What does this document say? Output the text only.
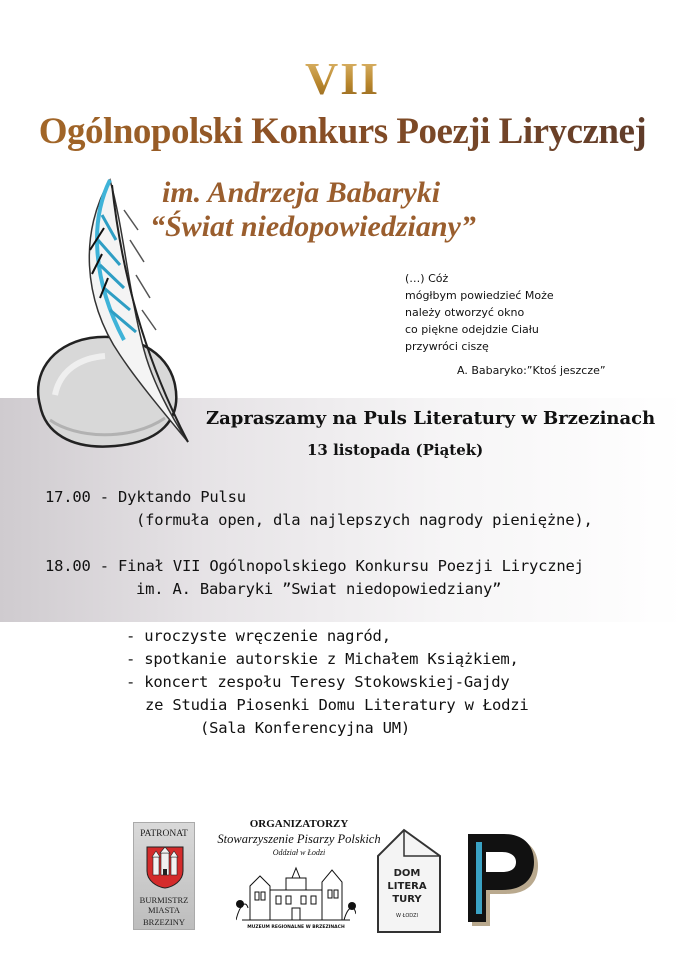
VII
Ogólnopolski Konkurs Poezji Lirycznej
im. Andrzeja Babaryki
“Świat niedopowiedziany”
(…) Cóż
mógłbym powiedzieć Może
należy otworzyć okno
co piękne odejdzie Ciału
przywróci ciszę
A. Babaryko:”Ktoś jeszcze”
Zapraszamy na Puls Literatury w Brzezinach
13 listopada (Piątek)
17.00 - Dyktando Pulsu
(formuła open, dla najlepszych nagrody pieniężne),
18.00 - Finał VII Ogólnopolskiego Konkursu Poezji Lirycznej
im. A. Babaryki ”Swiat niedopowiedziany”
- uroczyste wręczenie nagród,
- spotkanie autorskie z Michałem Książkiem,
- koncert zespołu Teresy Stokowskiej-Gajdy
ze Studia Piosenki Domu Literatury w Łodzi
(Sala Konferencyjna UM)
PATRONAT
BURMISTRZ
MIASTA
BRZEZINY
ORGANIZATORZY
Stowarzyszenie Pisarzy Polskich
Oddział w Łodzi
MUZEUM REGIONALNE W BRZEZINACH
DOM
LITERA
TURY
W ŁODZI
